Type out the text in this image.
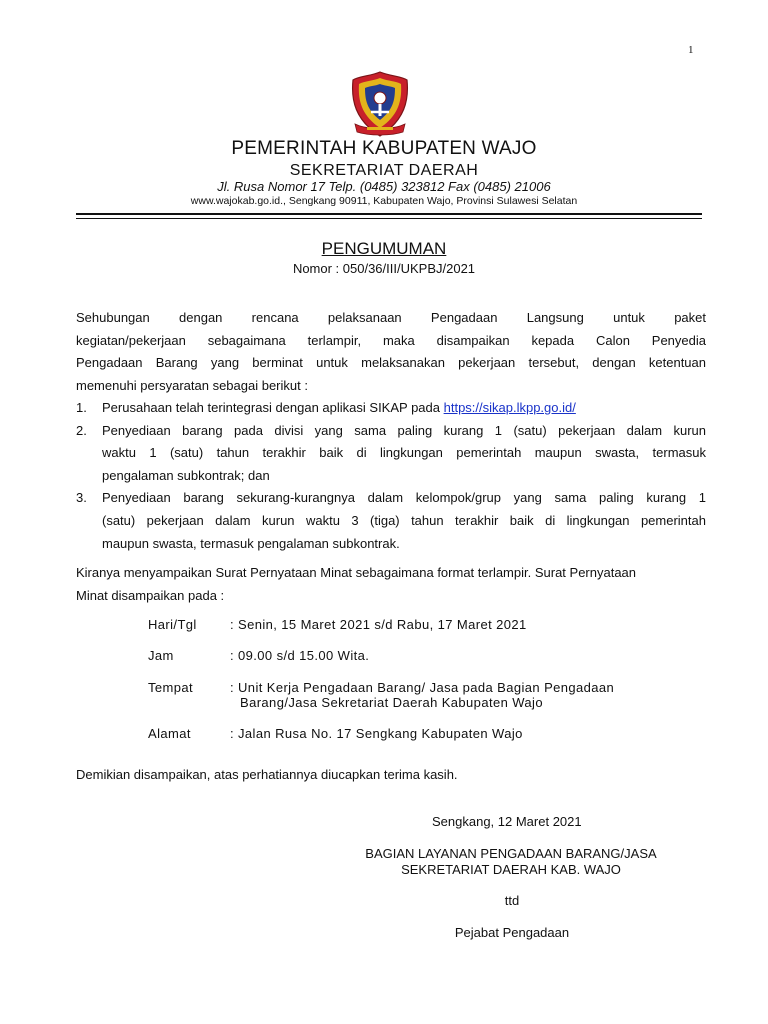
1
PEMERINTAH KABUPATEN WAJO
SEKRETARIAT DAERAH
Jl. Rusa Nomor 17 Telp. (0485) 323812 Fax (0485) 21006
www.wajokab.go.id., Sengkang 90911, Kabupaten Wajo, Provinsi Sulawesi Selatan
PENGUMUMAN
Nomor : 050/36/III/UKPBJ/2021
Sehubungan dengan rencana pelaksanaan Pengadaan Langsung untuk paket
kegiatan/pekerjaan sebagaimana terlampir, maka disampaikan kepada Calon Penyedia
Pengadaan Barang yang berminat untuk melaksanakan pekerjaan tersebut, dengan ketentuan
memenuhi persyaratan sebagai berikut :
1. Perusahaan telah terintegrasi dengan aplikasi SIKAP pada https://sikap.lkpp.go.id/
2. Penyediaan barang pada divisi yang sama paling kurang 1 (satu) pekerjaan dalam kurun
waktu 1 (satu) tahun terakhir baik di lingkungan pemerintah maupun swasta, termasuk
pengalaman subkontrak; dan
3. Penyediaan barang sekurang-kurangnya dalam kelompok/grup yang sama paling kurang 1
(satu) pekerjaan dalam kurun waktu 3 (tiga) tahun terakhir baik di lingkungan pemerintah
maupun swasta, termasuk pengalaman subkontrak.
Kiranya menyampaikan Surat Pernyataan Minat sebagaimana format terlampir. Surat Pernyataan
Minat disampaikan pada :
Hari/Tgl	: Senin, 15 Maret 2021 s/d Rabu, 17 Maret 2021
Jam	: 09.00 s/d 15.00 Wita.
Tempat	: Unit Kerja Pengadaan Barang/ Jasa pada Bagian Pengadaan
Barang/Jasa Sekretariat Daerah Kabupaten Wajo
Alamat	: Jalan Rusa No. 17 Sengkang Kabupaten Wajo
Demikian disampaikan, atas perhatiannya diucapkan terima kasih.
Sengkang, 12 Maret 2021
BAGIAN LAYANAN PENGADAAN BARANG/JASA
SEKRETARIAT DAERAH KAB. WAJO
ttd
Pejabat Pengadaan
